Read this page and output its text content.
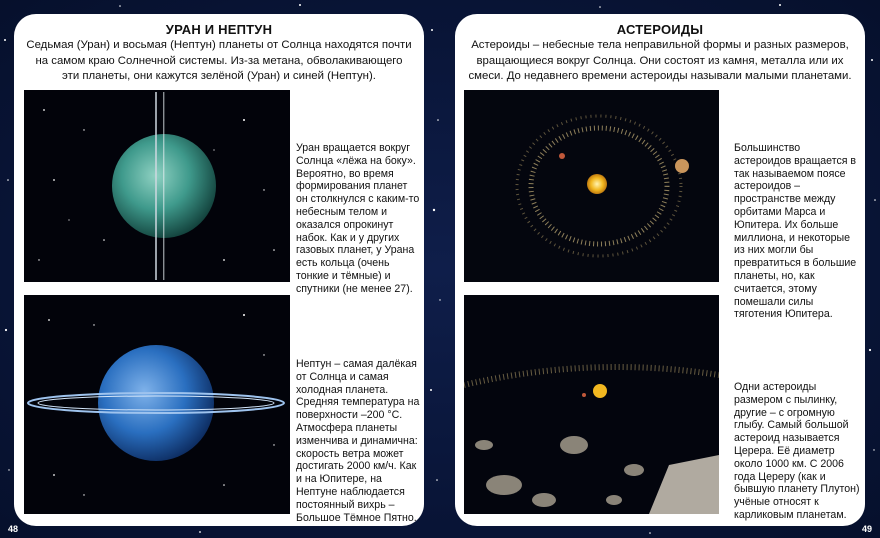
УРАН И НЕПТУН
Седьмая (Уран) и восьмая (Нептун) планеты от Солнца находятся почти на самом краю Солнечной системы. Из-за метана, обволакивающего эти планеты, они кажутся зелёной (Уран) и синей (Нептун).
Уран вращается вокруг Солнца «лёжа на боку». Вероятно, во время формирования планет он столкнулся с каким-то небесным телом и оказался опрокинут набок. Как и у других газовых планет, у Урана есть кольца (очень тонкие и тёмные) и спутники (не менее 27).
Нептун – самая далёкая от Солнца и самая холодная планета. Средняя температура на поверхности –200 °С. Атмосфера планеты изменчива и динамична: скорость ветра может достигать 2000 км/ч. Как и на Юпитере, на Нептуне наблюдается постоянный вихрь – Большое Тёмное Пятно.
АСТЕРОИДЫ
Астероиды – небесные тела неправильной формы и разных размеров, вращающиеся вокруг Солнца. Они состоят из камня, металла или их смеси. До недавнего времени астероиды называли малыми планетами.
Большинство астероидов вращается в так называемом поясе астероидов – пространстве между орбитами Марса и Юпитера. Их больше миллиона, и некоторые из них могли бы превратиться в большие планеты, но, как считается, этому помешали силы тяготения Юпитера.
Одни астероиды размером с пылинку, другие – с огромную глыбу. Самый большой астероид называется Церера. Её диаметр около 1000 км. С 2006 года Цереру (как и бывшую планету Плутон) учёные относят к карликовым планетам.
48	49
